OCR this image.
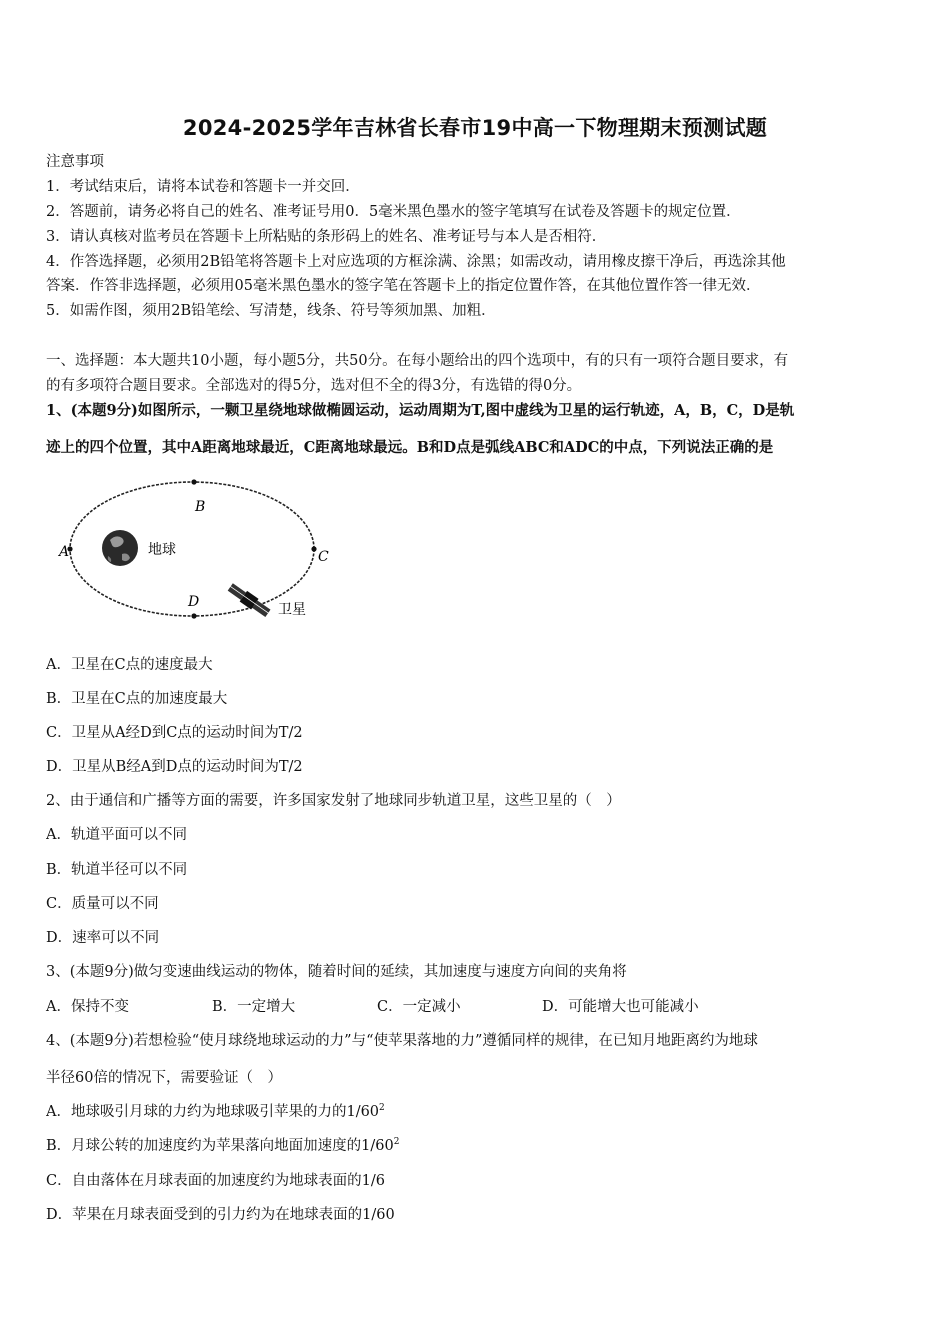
2024-2025学年吉林省长春市19中高一下物理期末预测试题
注意事项
1．考试结束后，请将本试卷和答题卡一并交回．
2．答题前，请务必将自己的姓名、准考证号用0．5毫米黑色墨水的签字笔填写在试卷及答题卡的规定位置．
3．请认真核对监考员在答题卡上所粘贴的条形码上的姓名、准考证号与本人是否相符．
4．作答选择题，必须用2B铅笔将答题卡上对应选项的方框涂满、涂黑；如需改动，请用橡皮擦干净后，再选涂其他
答案．作答非选择题，必须用05毫米黑色墨水的签字笔在答题卡上的指定位置作答，在其他位置作答一律无效．
5．如需作图，须用2B铅笔绘、写清楚，线条、符号等须加黑、加粗．
一、选择题：本大题共10小题，每小题5分，共50分。在每小题给出的四个选项中，有的只有一项符合题目要求，有
的有多项符合题目要求。全部选对的得5分，选对但不全的得3分，有选错的得0分。
1、(本题9分)如图所示，一颗卫星绕地球做椭圆运动，运动周期为T,图中虚线为卫星的运行轨迹，A，B，C，D是轨
迹上的四个位置，其中A距离地球最近，C距离地球最远。B和D点是弧线ABC和ADC的中点，下列说法正确的是
A
B
C
D
地球
卫星
A．卫星在C点的速度最大
B．卫星在C点的加速度最大
C．卫星从A经D到C点的运动时间为T/2
D．卫星从B经A到D点的运动时间为T/2
2、由于通信和广播等方面的需要，许多国家发射了地球同步轨道卫星，这些卫星的（　）
A．轨道平面可以不同
B．轨道半径可以不同
C．质量可以不同
D．速率可以不同
3、(本题9分)做匀变速曲线运动的物体，随着时间的延续，其加速度与速度方向间的夹角将
A．保持不变	B．一定增大	C．一定减小	D．可能增大也可能减小
4、(本题9分)若想检验“使月球绕地球运动的力”与“使苹果落地的力”遵循同样的规律，在已知月地距离约为地球
半径60倍的情况下，需要验证（　）
A．地球吸引月球的力约为地球吸引苹果的力的$1/60^2$
B．月球公转的加速度约为苹果落向地面加速度的$1/60^2$
C．自由落体在月球表面的加速度约为地球表面的1/6
D．苹果在月球表面受到的引力约为在地球表面的1/60
